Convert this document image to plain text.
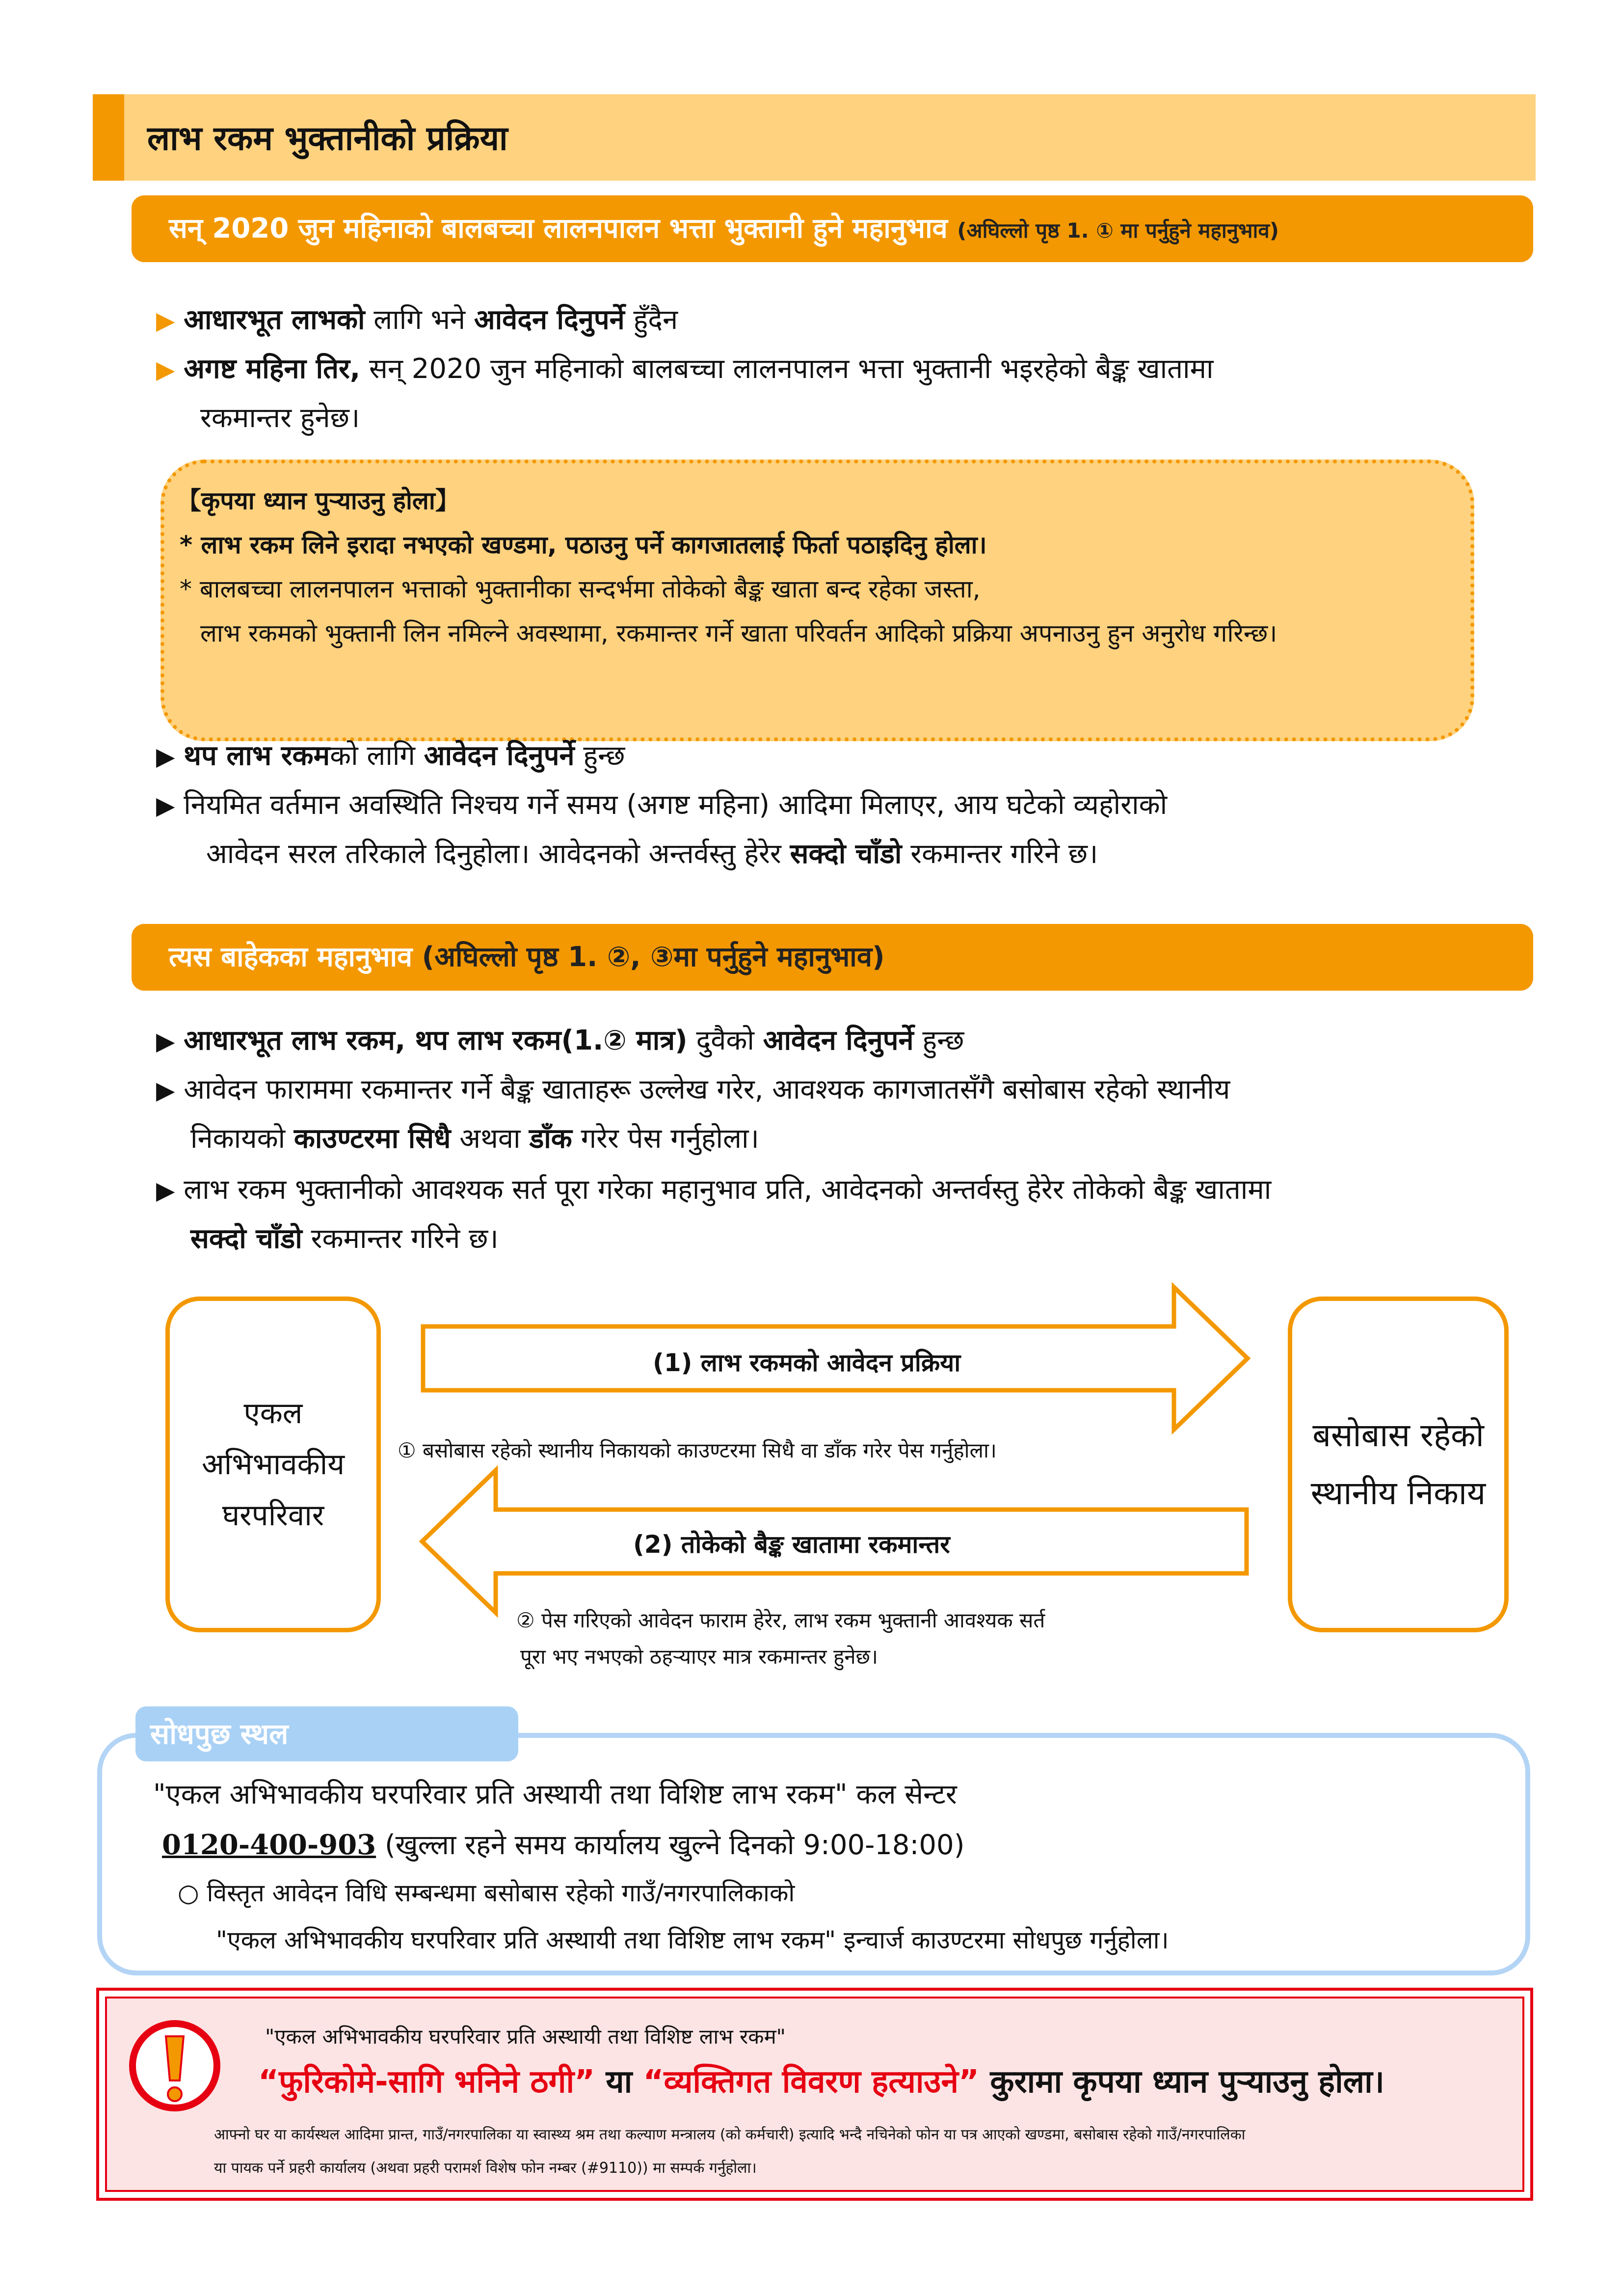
लाभ रकम भुक्तानीको प्रक्रिया
सन् 2020 जुन महिनाको बालबच्चा लालनपालन भत्ता भुक्तानी हुने महानुभाव (अघिल्लो पृष्ठ 1. ① मा पर्नुहुने महानुभाव)
▶ आधारभूत लाभको लागि भने आवेदन दिनुपर्ने हुँदैन
▶ अगष्ट महिना तिर, सन् 2020 जुन महिनाको बालबच्चा लालनपालन भत्ता भुक्तानी भइरहेको बैङ्क खातामा
रकमान्तर हुनेछ।
【कृपया ध्यान पुर्‍याउनु होला】
* लाभ रकम लिने इरादा नभएको खण्डमा, पठाउनु पर्ने कागजातलाई फिर्ता पठाइदिनु होला।
* बालबच्चा लालनपालन भत्ताको भुक्तानीका सन्दर्भमा तोकेको बैङ्क खाता बन्द रहेका जस्ता,
लाभ रकमको भुक्तानी लिन नमिल्ने अवस्थामा, रकमान्तर गर्ने खाता परिवर्तन आदिको प्रक्रिया अपनाउनु हुन अनुरोध गरिन्छ।
▶ थप लाभ रकमको लागि आवेदन दिनुपर्ने हुन्छ
▶ नियमित वर्तमान अवस्थिति निश्चय गर्ने समय (अगष्ट महिना) आदिमा मिलाएर, आय घटेको व्यहोराको
आवेदन सरल तरिकाले दिनुहोला। आवेदनको अन्तर्वस्तु हेरेर सक्दो चाँडो रकमान्तर गरिने छ।
त्यस बाहेकका महानुभाव (अघिल्लो पृष्ठ 1. ②, ③मा पर्नुहुने महानुभाव)
▶ आधारभूत लाभ रकम, थप लाभ रकम(1.② मात्र) दुवैको आवेदन दिनुपर्ने हुन्छ
▶ आवेदन फाराममा रकमान्तर गर्ने बैङ्क खाताहरू उल्लेख गरेर, आवश्यक कागजातसँगै बसोबास रहेको स्थानीय
निकायको काउण्टरमा सिधै अथवा डाँक गरेर पेस गर्नुहोला।
▶ लाभ रकम भुक्तानीको आवश्यक सर्त पूरा गरेका महानुभाव प्रति, आवेदनको अन्तर्वस्तु हेरेर तोकेको बैङ्क खातामा
सक्दो चाँडो रकमान्तर गरिने छ।
एकल
अभिभावकीय
घरपरिवार
बसोबास रहेको
स्थानीय निकाय
(1) लाभ रकमको आवेदन प्रक्रिया
① बसोबास रहेको स्थानीय निकायको काउण्टरमा सिधै वा डाँक गरेर पेस गर्नुहोला।
(2) तोकेको बैङ्क खातामा रकमान्तर
② पेस गरिएको आवेदन फाराम हेरेर, लाभ रकम भुक्तानी आवश्यक सर्त
पूरा भए नभएको ठहर्‍याएर मात्र रकमान्तर हुनेछ।
सोधपुछ स्थल
"एकल अभिभावकीय घरपरिवार प्रति अस्थायी तथा विशिष्ट लाभ रकम" कल सेन्टर
0120-400-903 (खुल्ला रहने समय कार्यालय खुल्ने दिनको 9:00-18:00)
○ विस्तृत आवेदन विधि सम्बन्धमा बसोबास रहेको गाउँ/नगरपालिकाको
"एकल अभिभावकीय घरपरिवार प्रति अस्थायी तथा विशिष्ट लाभ रकम" इन्चार्ज काउण्टरमा सोधपुछ गर्नुहोला।
"एकल अभिभावकीय घरपरिवार प्रति अस्थायी तथा विशिष्ट लाभ रकम"
“फुरिकोमे-सागि भनिने ठगी” या “व्यक्तिगत विवरण हत्याउने” कुरामा कृपया ध्यान पुर्‍याउनु होला।
आफ्नो घर या कार्यस्थल आदिमा प्रान्त, गाउँ/नगरपालिका या स्वास्थ्य श्रम तथा कल्याण मन्त्रालय (को कर्मचारी) इत्यादि भन्दै नचिनेको फोन या पत्र आएको खण्डमा, बसोबास रहेको गाउँ/नगरपालिका
या पायक पर्ने प्रहरी कार्यालय (अथवा प्रहरी परामर्श विशेष फोन नम्बर (#9110)) मा सम्पर्क गर्नुहोला।
